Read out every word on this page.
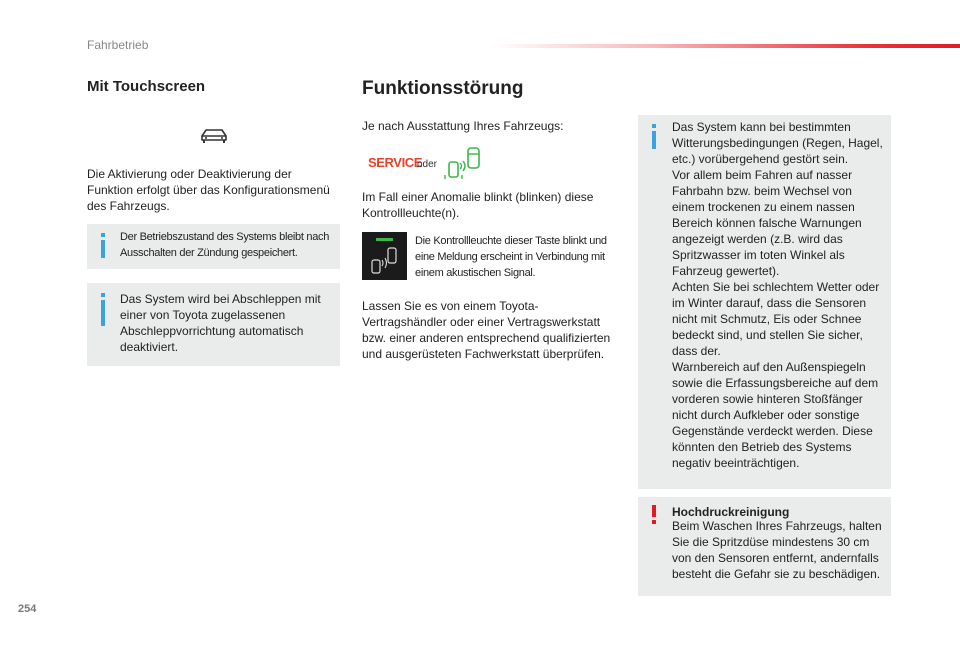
Fahrbetrieb
254
Mit Touchscreen
Die Aktivierung oder Deaktivierung der Funktion erfolgt über das Konfigurationsmenü des Fahrzeugs.
Der Betriebszustand des Systems bleibt nach Ausschalten der Zündung gespeichert.
Das System wird bei Abschleppen mit einer von Toyota zugelassenen Abschleppvorrichtung automatisch deaktiviert.
Funktionsstörung
Je nach Ausstattung Ihres Fahrzeugs:
SERVICE
oder
Im Fall einer Anomalie blinkt (blinken) diese Kontrollleuchte(n).
Die Kontrollleuchte dieser Taste blinkt und eine Meldung erscheint in Verbindung mit einem akustischen Signal.
Lassen Sie es von einem Toyota-Vertragshändler oder einer Vertragswerkstatt bzw. einer anderen entsprechend qualifizierten und ausgerüsteten Fachwerkstatt überprüfen.
Das System kann bei bestimmten Witterungsbedingungen (Regen, Hagel, etc.) vorübergehend gestört sein.
Vor allem beim Fahren auf nasser Fahrbahn bzw. beim Wechsel von einem trockenen zu einem nassen Bereich können falsche Warnungen angezeigt werden (z.B. wird das Spritzwasser im toten Winkel als Fahrzeug gewertet).
Achten Sie bei schlechtem Wetter oder im Winter darauf, dass die Sensoren nicht mit Schmutz, Eis oder Schnee bedeckt sind, und stellen Sie sicher, dass der.
Warnbereich auf den Außenspiegeln sowie die Erfassungsbereiche auf dem vorderen sowie hinteren Stoßfänger nicht durch Aufkleber oder sonstige Gegenstände verdeckt werden. Diese könnten den Betrieb des Systems negativ beeinträchtigen.
Hochdruckreinigung
Beim Waschen Ihres Fahrzeugs, halten Sie die Spritzdüse mindestens 30 cm von den Sensoren entfernt, andernfalls besteht die Gefahr sie zu beschädigen.
